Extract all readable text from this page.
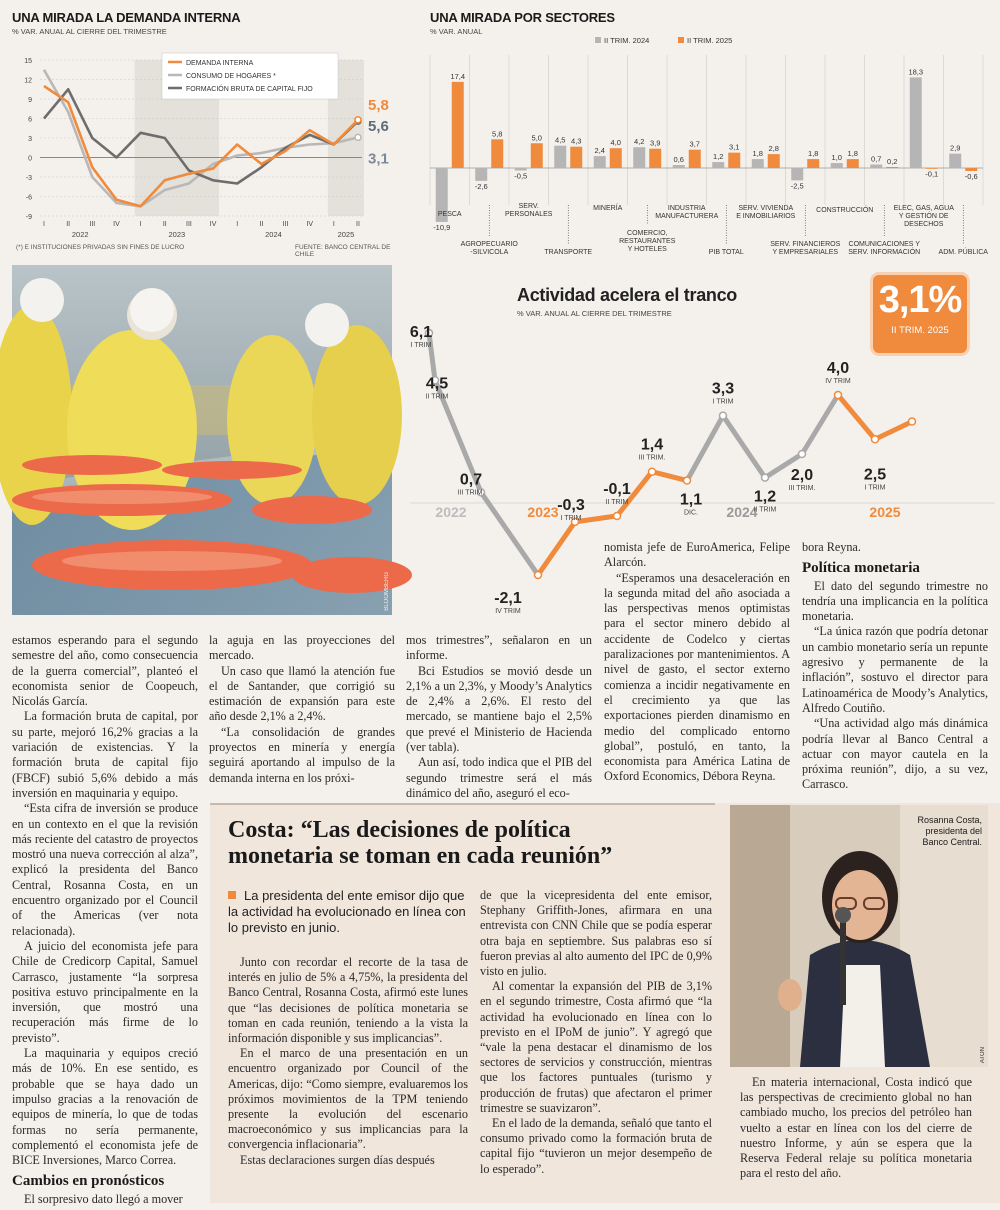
UNA MIRADA LA DEMANDA INTERNA
% VAR. ANUAL AL CIERRE DEL TRIMESTRE
15
12
9
6
3
0
-3
-6
-9
I	II	III	IV	I	II	III	IV	I	II	III	IV	I	II
2022	2023	2024	2025
5,8
5,6
3,1
DEMANDA INTERNA
CONSUMO DE HOGARES *
FORMACIÓN BRUTA DE CAPITAL FIJO
(*) E INSTITUCIONES PRIVADAS SIN FINES DE LUCRO	FUENTE: BANCO CENTRAL DE CHILE
UNA MIRADA POR SECTORES
% VAR. ANUAL
II TRIM. 2024	II TRIM. 2025
-10,9
17,4
-2,6
5,8
-0,5
5,0 4,5 4,3
2,4
4,0 4,2 3,9
0,6
3,7
1,2
3,1
1,8
2,8
-2,5
1,8 1,0 1,8
0,7 0,2
18,3
-0,1
2,9
-0,6
PESCA
AGROPECUARIO -SILVICOLA
SERV. PERSONALES
TRANSPORTE
MINERÍA
COMERCIO, RESTAURANTES Y HOTELES
INDUSTRIA MANUFACTURERA
PIB TOTAL
SERV. VIVIENDA E INMOBILIARIOS
SERV. FINANCIEROS Y EMPRESARIALES
CONSTRUCCIÓN
COMUNICACIONES Y SERV. INFORMACIÓN
ELEC, GAS, AGUA Y GESTIÓN DE DESECHOS
ADM. PÚBLICA
BLOOMBERG
2022	2023	2024	2025
6,1
I TRIM
4,5
II TRIM
0,7
III TRIM.
-2,1
IV TRIM
-0,3
I TRIM
-0,1
II TRIM
1,4
III TRIM.
1,1
DIC.
3,3
I TRIM
1,2
II TRIM
2,0
III TRIM.
4,0
IV TRIM
2,5
I TRIM
Actividad acelera el tranco
% VAR. ANUAL AL CIERRE DEL TRIMESTRE	3,1%
II TRIM. 2025

estamos esperando para el segundo semestre del año, como consecuencia de la guerra comercial”, planteó el economista senior de Coopeuch, Nicolás García.

La formación bruta de capital, por su parte, mejoró 16,2% gracias a la variación de existencias. Y la formación bruta de capital fijo (FBCF) subió 5,6% debido a más inversión en maquinaria y equipo.

“Esta cifra de inversión se produce en un contexto en el que la revisión más reciente del catastro de proyectos mostró una nueva corrección al alza”, explicó la presidenta del Banco Central, Rosanna Costa, en un encuentro organizado por el Council of the Americas (ver nota relacionada).

A juicio del economista jefe para Chile de Credicorp Capital, Samuel Carrasco, justamente “la sorpresa positiva estuvo principalmente en la inversión, que mostró una recuperación más firme de lo previsto”.

La maquinaria y equipos creció más de 10%. En ese sentido, es probable que se haya dado un impulso gracias a la renovación de equipos de minería, lo que de todas formas no sería permanente, complementó el economista jefe de BICE Inversiones, Marco Correa.

Cambios en pronósticos

El sorpresivo dato llegó a mover

la aguja en las proyecciones del mercado.

Un caso que llamó la atención fue el de Santander, que corrigió su estimación de expansión para este año desde 2,1% a 2,4%.

“La consolidación de grandes proyectos en minería y energía seguirá aportando al impulso de la demanda interna en los próxi-

mos trimestres”, señalaron en un informe.

Bci Estudios se movió desde un 2,1% a un 2,3%, y Moody’s Analytics de 2,4% a 2,6%. El resto del mercado, se mantiene bajo el 2,5% que prevé el Ministerio de Hacienda (ver tabla).

Aun así, todo indica que el PIB del segundo trimestre será el más dinámico del año, aseguró el eco-

nomista jefe de EuroAmerica, Felipe Alarcón.

“Esperamos una desaceleración en la segunda mitad del año asociada a las perspectivas menos optimistas para el sector minero debido al accidente de Codelco y ciertas paralizaciones por mantenimientos. A nivel de gasto, el sector externo comienza a incidir negativamente en el crecimiento ya que las exportaciones pierden dinamismo en medio del complicado entorno global”, postuló, en tanto, la economista para América Latina de Oxford Economics, Débora Reyna.

bora Reyna.

Política monetaria

El dato del segundo trimestre no tendría una implicancia en la política monetaria.

“La única razón que podría detonar un cambio monetario sería un repunte agresivo y permanente de la inflación”, sostuvo el director para Latinoamérica de Moody’s Analytics, Alfredo Coutiño.

“Una actividad algo más dinámica podría llevar al Banco Central a actuar con mayor cautela en la próxima reunión”, dijo, a su vez, Carrasco.

Costa: “Las decisiones de política monetaria se toman en cada reunión”
La presidenta del ente emisor dijo que la actividad ha evolucionado en línea con lo previsto en junio.

Junto con recordar el recorte de la tasa de interés en julio de 5% a 4,75%, la presidenta del Banco Central, Rosanna Costa, afirmó este lunes que “las decisiones de política monetaria se toman en cada reunión, teniendo a la vista la información disponible y sus implicancias”.

En el marco de una presentación en un encuentro organizado por Council of the Americas, dijo: “Como siempre, evaluaremos los próximos movimientos de la TPM teniendo presente la evolución del escenario macroeconómico y sus implicancias para la convergencia inflacionaria”.

Estas declaraciones surgen días después

de que la vicepresidenta del ente emisor, Stephany Griffith-Jones, afirmara en una entrevista con CNN Chile que se podía esperar otra baja en septiembre. Sus palabras eso sí fueron previas al alto aumento del IPC de 0,9% visto en julio.

Al comentar la expansión del PIB de 3,1% en el segundo trimestre, Costa afirmó que “la actividad ha evolucionado en línea con lo previsto en el IPoM de junio”. Y agregó que “vale la pena destacar el dinamismo de los sectores de servicios y construcción, mientras que los factores puntuales (turismo y producción de frutas) que afectaron el primer trimestre se suavizaron”.

En el lado de la demanda, señaló que tanto el consumo privado como la formación bruta de capital fijo “tuvieron un mejor desempeño de lo esperado”.

Rosanna Costa, presidenta del Banco Central.
ATON

En materia internacional, Costa indicó que las perspectivas de crecimiento global no han cambiado mucho, los precios del petróleo han vuelto a estar en línea con los del cierre de nuestro Informe, y aún se espera que la Reserva Federal relaje su política monetaria para el resto del año.
